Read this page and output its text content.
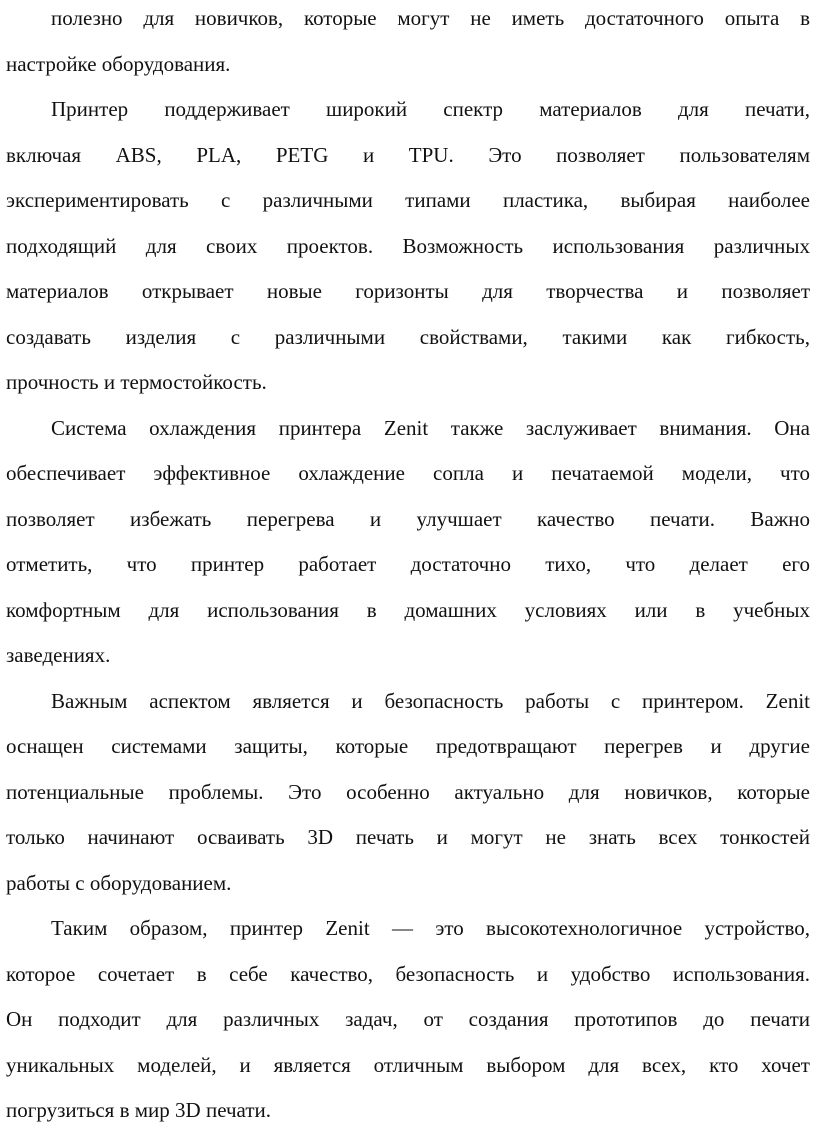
полезно для новичков, которые могут не иметь достаточного опыта в
настройке оборудования.
Принтер поддерживает широкий спектр материалов для печати,
включая ABS, PLA, PETG и TPU. Это позволяет пользователям
экспериментировать с различными типами пластика, выбирая наиболее
подходящий для своих проектов. Возможность использования различных
материалов открывает новые горизонты для творчества и позволяет
создавать изделия с различными свойствами, такими как гибкость,
прочность и термостойкость.
Система охлаждения принтера Zenit также заслуживает внимания. Она
обеспечивает эффективное охлаждение сопла и печатаемой модели, что
позволяет избежать перегрева и улучшает качество печати. Важно
отметить, что принтер работает достаточно тихо, что делает его
комфортным для использования в домашних условиях или в учебных
заведениях.
Важным аспектом является и безопасность работы с принтером. Zenit
оснащен системами защиты, которые предотвращают перегрев и другие
потенциальные проблемы. Это особенно актуально для новичков, которые
только начинают осваивать 3D печать и могут не знать всех тонкостей
работы с оборудованием.
Таким образом, принтер Zenit — это высокотехнологичное устройство,
которое сочетает в себе качество, безопасность и удобство использования.
Он подходит для различных задач, от создания прототипов до печати
уникальных моделей, и является отличным выбором для всех, кто хочет
погрузиться в мир 3D печати.
